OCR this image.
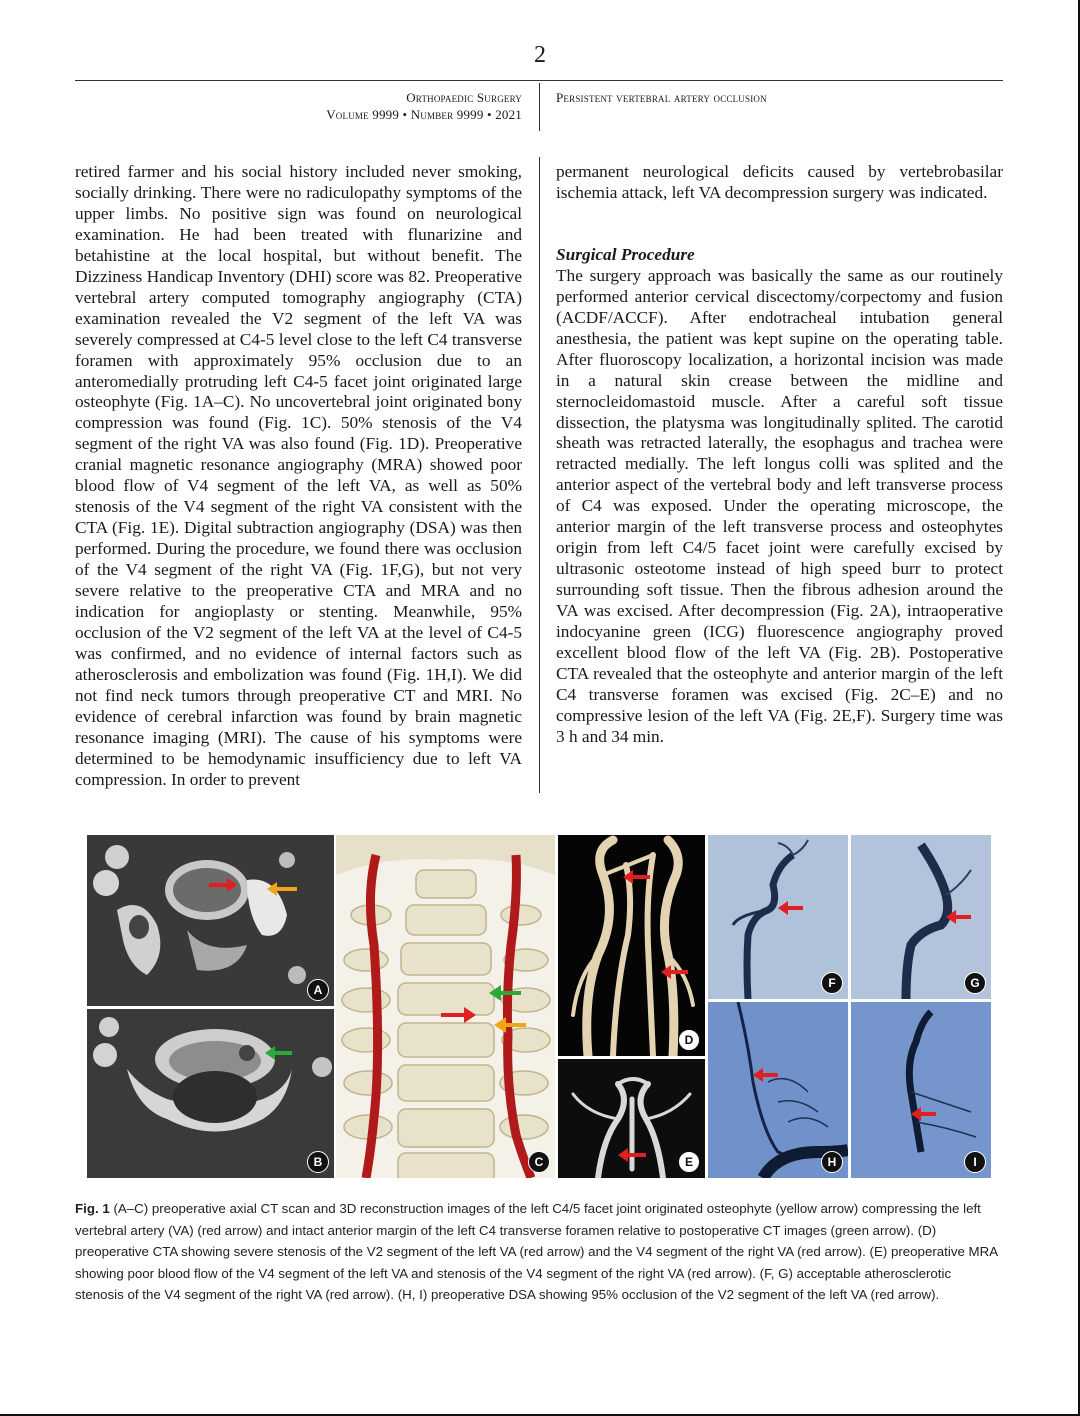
2
Orthopaedic Surgery
Volume 9999 • Number 9999 • 2021
Persistent vertebral artery occlusion

retired farmer and his social history included never smoking, socially drinking. There were no radiculopathy symptoms of the upper limbs. No positive sign was found on neurological examination. He had been treated with flunarizine and betahistine at the local hospital, but without benefit. The Dizziness Handicap Inventory (DHI) score was 82. Preoperative vertebral artery computed tomography angiography (CTA) examination revealed the V2 segment of the left VA was severely compressed at C4-5 level close to the left C4 transverse foramen with approximately 95% occlusion due to an anteromedially protruding left C4-5 facet joint originated large osteophyte (Fig. 1A–C). No uncovertebral joint originated bony compression was found (Fig. 1C). 50% stenosis of the V4 segment of the right VA was also found (Fig. 1D). Preoperative cranial magnetic resonance angiography (MRA) showed poor blood flow of V4 segment of the left VA, as well as 50% stenosis of the V4 segment of the right VA consistent with the CTA (Fig. 1E). Digital subtraction angiography (DSA) was then performed. During the procedure, we found there was occlusion of the V4 segment of the right VA (Fig. 1F,G), but not very severe relative to the preoperative CTA and MRA and no indication for angioplasty or stenting. Meanwhile, 95% occlusion of the V2 segment of the left VA at the level of C4-5 was confirmed, and no evidence of internal factors such as atherosclerosis and embolization was found (Fig. 1H,I). We did not find neck tumors through preoperative CT and MRI. No evidence of cerebral infarction was found by brain magnetic resonance imaging (MRI). The cause of his symptoms were determined to be hemodynamic insufficiency due to left VA compression. In order to prevent

permanent neurological deficits caused by vertebrobasilar ischemia attack, left VA decompression surgery was indicated.

Surgical Procedure

The surgery approach was basically the same as our routinely performed anterior cervical discectomy/corpectomy and fusion (ACDF/ACCF). After endotracheal intubation general anesthesia, the patient was kept supine on the operating table. After fluoroscopy localization, a horizontal incision was made in a natural skin crease between the midline and sternocleidomastoid muscle. After a careful soft tissue dissection, the platysma was longitudinally splited. The carotid sheath was retracted laterally, the esophagus and trachea were retracted medially. The left longus colli was splited and the anterior aspect of the vertebral body and left transverse process of C4 was exposed. Under the operating microscope, the anterior margin of the left transverse process and osteophytes origin from left C4/5 facet joint were carefully excised by ultrasonic osteotome instead of high speed burr to protect surrounding soft tissue. Then the fibrous adhesion around the VA was excised. After decompression (Fig. 2A), intraoperative indocyanine green (ICG) fluorescence angiography proved excellent blood flow of the left VA (Fig. 2B). Postoperative CTA revealed that the osteophyte and anterior margin of the left C4 transverse foramen was excised (Fig. 2C–E) and no compressive lesion of the left VA (Fig. 2E,F). Surgery time was 3 h and 34 min.

A
B	C
D
E
F	G
H	I
Fig. 1 (A–C) preoperative axial CT scan and 3D reconstruction images of the left C4/5 facet joint originated osteophyte (yellow arrow) compressing the left vertebral artery (VA) (red arrow) and intact anterior margin of the left C4 transverse foramen relative to postoperative CT images (green arrow). (D) preoperative CTA showing severe stenosis of the V2 segment of the left VA (red arrow) and the V4 segment of the right VA (red arrow). (E) preoperative MRA showing poor blood flow of the V4 segment of the left VA and stenosis of the V4 segment of the right VA (red arrow). (F, G) acceptable atherosclerotic stenosis of the V4 segment of the right VA (red arrow). (H, I) preoperative DSA showing 95% occlusion of the V2 segment of the left VA (red arrow).
